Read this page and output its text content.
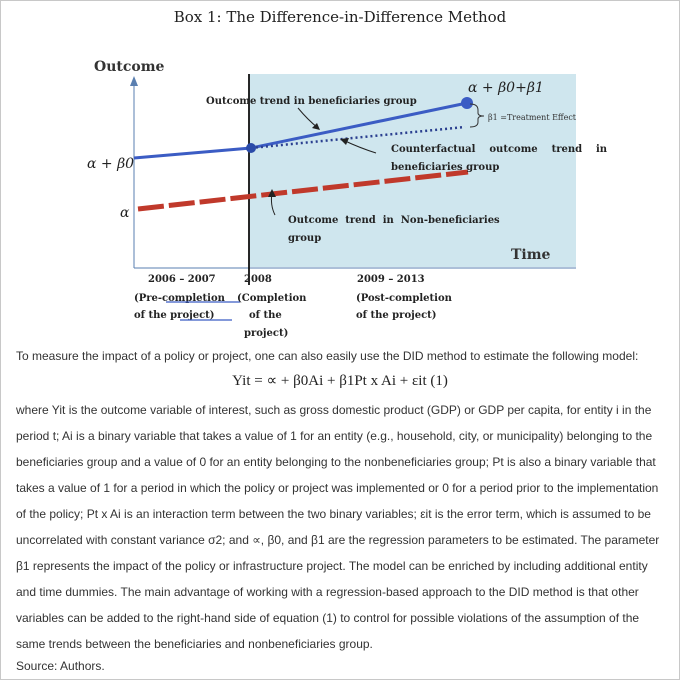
Box 1: The Difference-in-Difference Method
Outcome
Time
β1 =Treatment Effect
α + β0
α
α + β0+β1
Outcome trend in beneficiaries group
Counterfactual    outcome    trend    in
beneficiaries group
Outcome  trend  in  Non-beneficiaries
group
2006 – 2007	2008	2009 – 2013
(Pre-completion
of the project)
(Completion
of the
project)
(Post-completion
of the project)
To measure the impact of a policy or project, one can also easily use the DID method to estimate the following model:
Yit = ∝ + β0Ai + β1Pt x Ai + εit (1)
where Yit is the outcome variable of interest, such as gross domestic product (GDP) or GDP per capita, for entity i in the period t; Ai is a binary variable that takes a value of 1 for an entity (e.g., household, city, or municipality) belonging to the beneficiaries group and a value of 0 for an entity belonging to the nonbeneficiaries group; Pt is also a binary variable that takes a value of 1 for a period in which the policy or project was implemented or 0 for a period prior to the implementation of the policy; Pt x Ai is an interaction term between the two binary variables; εit is the error term, which is assumed to be uncorrelated with constant variance σ2; and ∝, β0, and β1 are the regression parameters to be estimated. The parameter β1 represents the impact of the policy or infrastructure project. The model can be enriched by including additional entity and time dummies. The main advantage of working with a regression-based approach to the DID method is that other variables can be added to the right-hand side of equation (1) to control for possible violations of the assumption of the same trends between the beneficiaries and nonbeneficiaries group.
Source: Authors.
